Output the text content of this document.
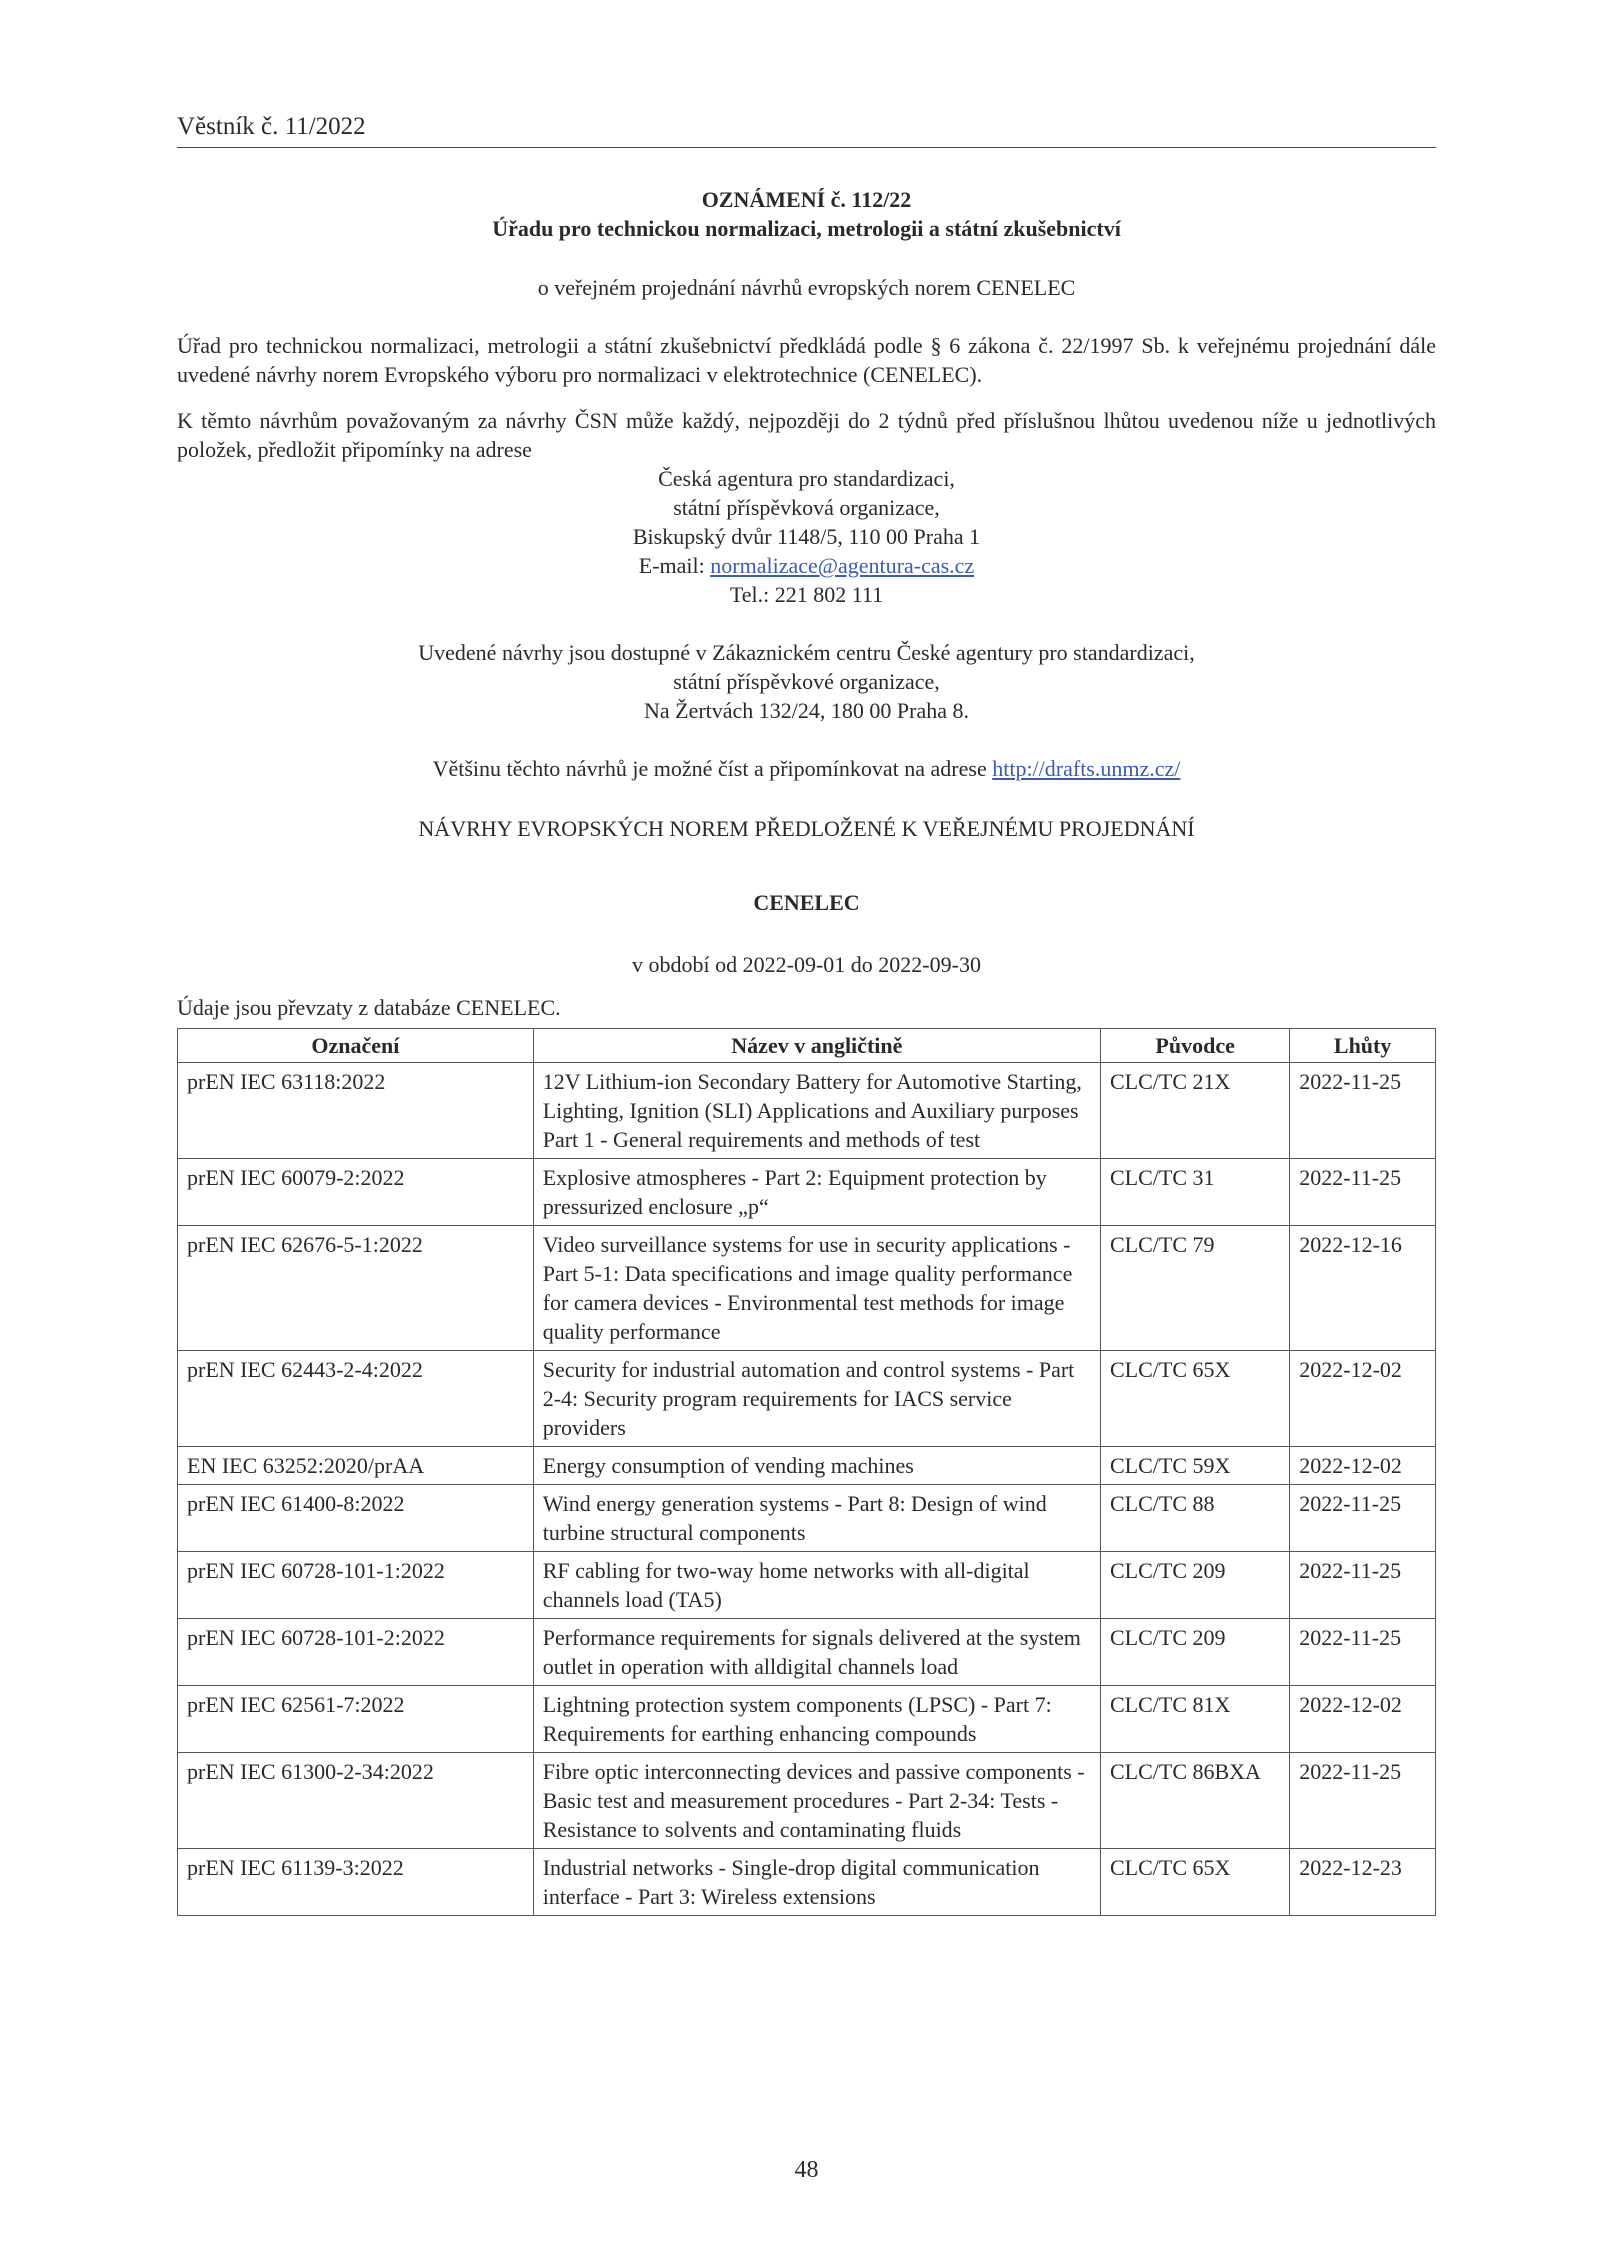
Věstník č. 11/2022
OZNÁMENÍ č. 112/22
Úřadu pro technickou normalizaci, metrologii a státní zkušebnictví
o veřejném projednání návrhů evropských norem CENELEC
Úřad pro technickou normalizaci, metrologii a státní zkušebnictví předkládá podle § 6 zákona č. 22/1997 Sb. k veřejnému projednání dále uvedené návrhy norem Evropského výboru pro normalizaci v elektrotechnice (CENELEC).
K těmto návrhům považovaným za návrhy ČSN může každý, nejpozději do 2 týdnů před příslušnou lhůtou uvedenou níže u jednotlivých položek, předložit připomínky na adrese
Česká agentura pro standardizaci,
státní příspěvková organizace,
Biskupský dvůr 1148/5, 110 00 Praha 1
E-mail: normalizace@agentura-cas.cz
Tel.: 221 802 111
Uvedené návrhy jsou dostupné v Zákaznickém centru České agentury pro standardizaci,
státní příspěvkové organizace,
Na Žertvách 132/24, 180 00 Praha 8.
Většinu těchto návrhů je možné číst a připomínkovat na adrese http://drafts.unmz.cz/
NÁVRHY EVROPSKÝCH NOREM PŘEDLOŽENÉ K VEŘEJNÉMU PROJEDNÁNÍ
CENELEC
v období od 2022-09-01 do 2022-09-30
Údaje jsou převzaty z databáze CENELEC.
Označení	Název v angličtině	Původce	Lhůty
prEN IEC 63118:2022	12V Lithium-ion Secondary Battery for Automotive Starting, Lighting, Ignition (SLI) Applications and Auxiliary purposes Part 1 - General requirements and methods of test	CLC/TC 21X	2022-11-25
prEN IEC 60079-2:2022	Explosive atmospheres - Part 2: Equipment protection by pressurized enclosure „p“	CLC/TC 31	2022-11-25
prEN IEC 62676-5-1:2022	Video surveillance systems for use in security applications - Part 5-1: Data specifications and image quality performance for camera devices - Environmental test methods for image quality performance	CLC/TC 79	2022-12-16
prEN IEC 62443-2-4:2022	Security for industrial automation and control systems - Part 2-4: Security program requirements for IACS service providers	CLC/TC 65X	2022-12-02
EN IEC 63252:2020/prAA	Energy consumption of vending machines	CLC/TC 59X	2022-12-02
prEN IEC 61400-8:2022	Wind energy generation systems - Part 8: Design of wind turbine structural components	CLC/TC 88	2022-11-25
prEN IEC 60728-101-1:2022	RF cabling for two-way home networks with all-digital channels load (TA5)	CLC/TC 209	2022-11-25
prEN IEC 60728-101-2:2022	Performance requirements for signals delivered at the system outlet in operation with alldigital channels load	CLC/TC 209	2022-11-25
prEN IEC 62561-7:2022	Lightning protection system components (LPSC) - Part 7: Requirements for earthing enhancing compounds	CLC/TC 81X	2022-12-02
prEN IEC 61300-2-34:2022	Fibre optic interconnecting devices and passive components - Basic test and measurement procedures - Part 2-34: Tests - Resistance to solvents and contaminating fluids	CLC/TC 86BXA	2022-11-25
prEN IEC 61139-3:2022	Industrial networks - Single-drop digital communication interface - Part 3: Wireless extensions	CLC/TC 65X	2022-12-23
48
